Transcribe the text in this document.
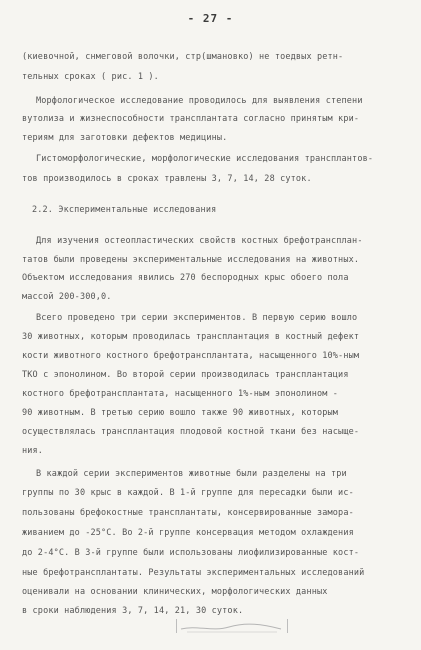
- 27 -
(киевочной, снмеговой волочки, стр(шмановко) не тоедвых ретн-
тельных сроках ( рис. 1 ).
Морфологическое исследование проводилось для выявления степени
вутолиза и жизнеспособности трансплантата согласно принятым кри-
териям для заготовки дефектов медицины.
Гистоморфологические, морфологические исследования трансплантов-
тов производилось в сроках травлены 3, 7, 14, 28 суток.
2.2. Экспериментальные исследования
Для изучения остеопластических свойств костных брефотрансплан-
татов были проведены экспериментальные исследования на животных.
Объектом исследования явились 270 беспородных крыс обоего пола
массой 200-300,0.
Всего проведено три серии экспериментов. В первую серию вошло
30 животных, которым проводилась трансплантация в костный дефект
кости животного костного брефотрансплантата, насыщенного 10%-ным
ТКО с эпонолином. Во второй серии производилась трансплантация
костного брефотрансплантата, насыщенного 1%-ным эпонолином -
90 животным. В третью серию вошло также 90 животных, которым
осуществлялась трансплантация плодовой костной ткани без насыще-
ния.
В каждой серии экспериментов животные были разделены на три
группы по 30 крыс в каждой. В 1-й группе для пересадки были ис-
пользованы брефокостные трансплантаты, консервированные замора-
живанием до -25°С. Во 2-й группе консервация методом охлаждения
до 2-4°С. В 3-й группе были использованы лиофилизированные кост-
ные брефотрансплантаты. Результаты экспериментальных исследований
оценивали на основании клинических, морфологических данных
в сроки наблюдения 3, 7, 14, 21, 30 суток.
